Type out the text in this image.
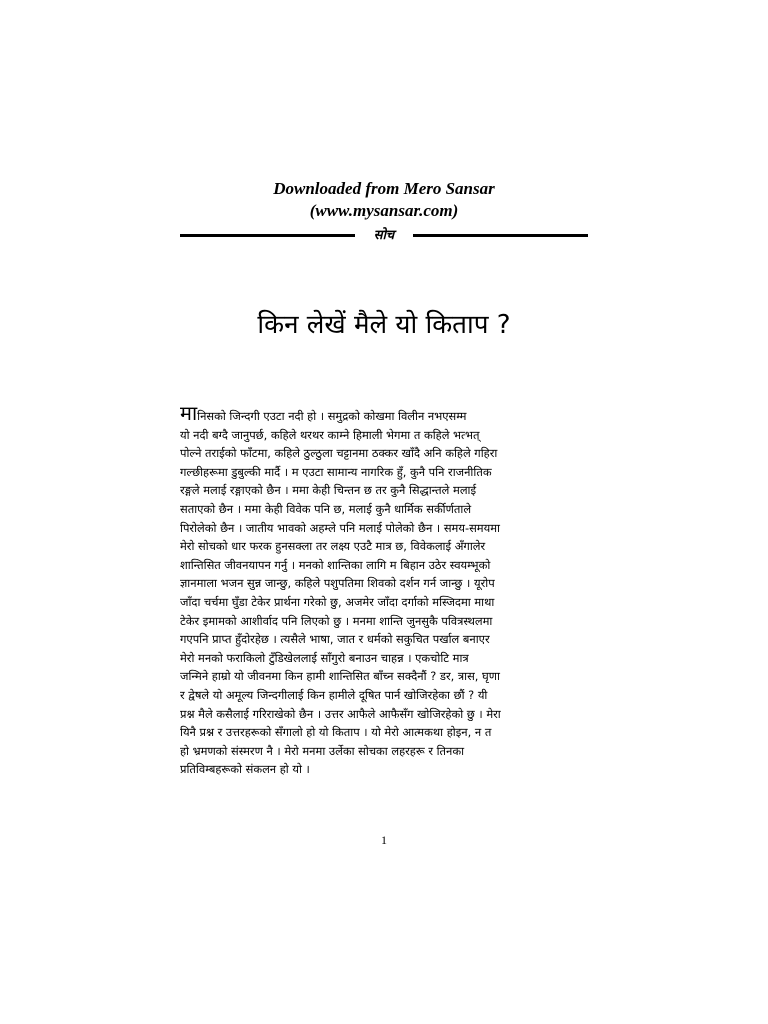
Downloaded from Mero Sansar
(www.mysansar.com)
सोच
किन लेखें मैले यो किताप ?
मानिसको जिन्दगी एउटा नदी हो । समुद्रको कोखमा विलीन नभएसम्म
यो नदी बग्दै जानुपर्छ, कहिले थरथर काम्ने हिमाली भेगमा त कहिले भत्भत्
पोल्ने तराईको फाँटमा, कहिले ठुल्ठुला चट्टानमा ठक्कर खाँदै अनि कहिले गहिरा
गल्छीहरूमा डुबुल्की मार्दै । म एउटा सामान्य नागरिक हुँ, कुनै पनि राजनीतिक
रङ्गले मलाई रङ्गाएको छैन । ममा केही चिन्तन छ तर कुनै सिद्धान्तले मलाई
सताएको छैन । ममा केही विवेक पनि छ, मलाई कुनै धार्मिक सर्कीर्णताले
पिरोलेको छैन । जातीय भावको अहम्ले पनि मलाई पोलेको छैन । समय-समयमा
मेरो सोचको धार फरक हुनसक्ला तर लक्ष्य एउटै मात्र छ, विवेकलाई अँगालेर
शान्तिसित जीवनयापन गर्नु । मनको शान्तिका लागि म बिहान उठेर स्वयम्भूको
ज्ञानमाला भजन सुन्न जान्छु, कहिले पशुपतिमा शिवको दर्शन गर्न जान्छु । यूरोप
जाँदा चर्चमा घुँडा टेकेर प्रार्थना गरेको छु, अजमेर जाँदा दर्गाको मस्जिदमा माथा
टेकेर इमामको आशीर्वाद पनि लिएको छु । मनमा शान्ति जुनसुकै पवित्रस्थलमा
गएपनि प्राप्त हुँदोरहेछ । त्यसैले भाषा, जात र धर्मको सकुचित पर्खाल बनाएर
मेरो मनको फराकिलो टुँडिखेललाई साँगुरो बनाउन चाहन्न । एकचोटि मात्र
जन्मिने हाम्रो यो जीवनमा किन हामी शान्तिसित बाँच्न सक्दैनौं ? डर, त्रास, घृणा
र द्वेषले यो अमूल्य जिन्दगीलाई किन हामीले दूषित पार्न खोजिरहेका छौं ? यी
प्रश्न मैले कसैलाई गरिराखेको छैन । उत्तर आफैले आफैसँग खोजिरहेको छु । मेरा
यिनै प्रश्न र उत्तरहरूको सँगालो हो यो किताप । यो मेरो आत्मकथा होइन, न त
हो भ्रमणको संस्मरण नै । मेरो मनमा उर्लेका सोचका लहरहरू र तिनका
प्रतिविम्बहरूको संकलन हो यो ।
1
